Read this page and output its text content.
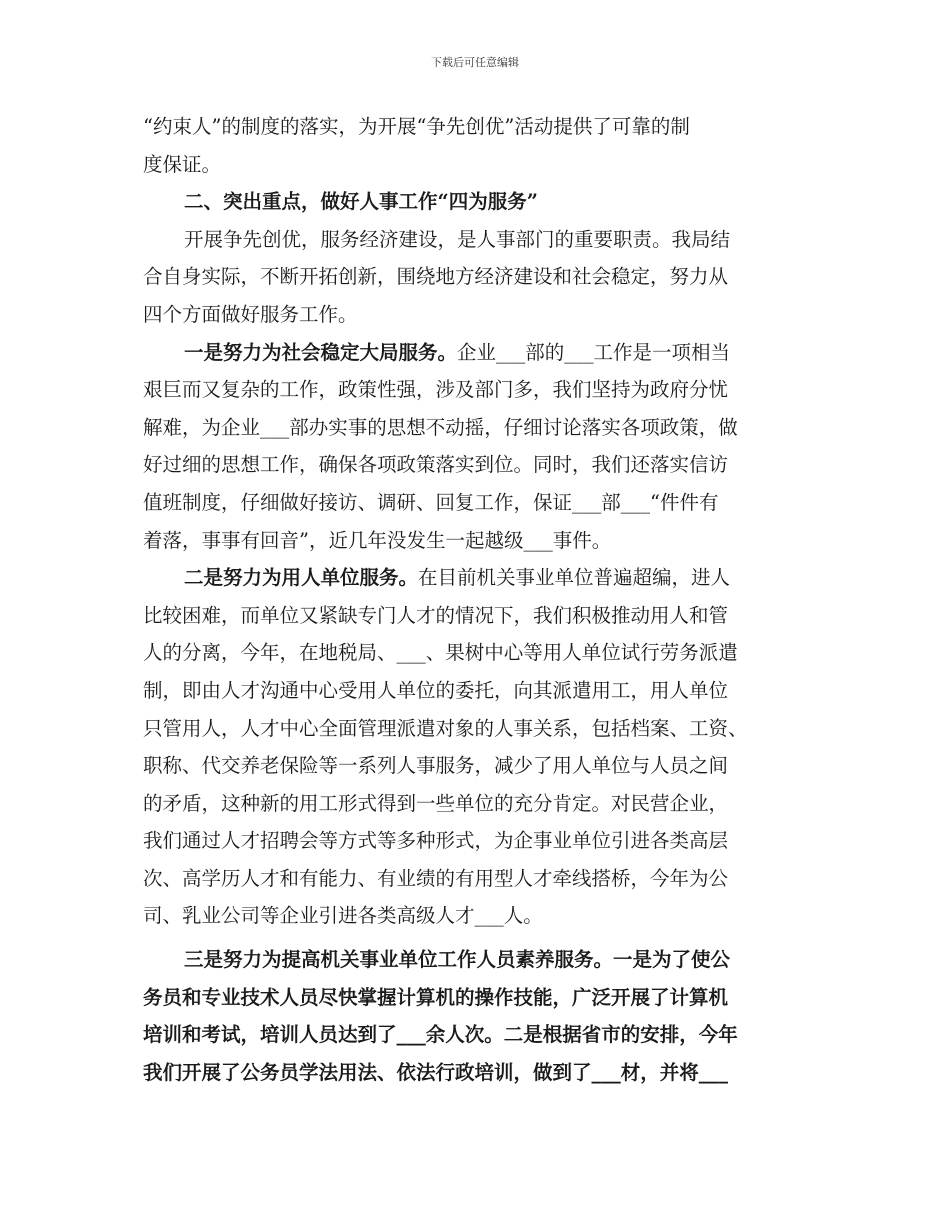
下载后可任意编辑
“约束人”的制度的落实，为开展“争先创优”活动提供了可靠的制
度保证。
二、突出重点，做好人事工作“四为服务”
开展争先创优，服务经济建设，是人事部门的重要职责。我局结
合自身实际，不断开拓创新，围绕地方经济建设和社会稳定，努力从
四个方面做好服务工作。
一是努力为社会稳定大局服务。企业___部的___工作是一项相当
艰巨而又复杂的工作，政策性强，涉及部门多，我们坚持为政府分忧
解难，为企业___部办实事的思想不动摇，仔细讨论落实各项政策，做
好过细的思想工作，确保各项政策落实到位。同时，我们还落实信访
值班制度，仔细做好接访、调研、回复工作，保证___部___“件件有
着落，事事有回音”，近几年没发生一起越级___事件。
二是努力为用人单位服务。在目前机关事业单位普遍超编，进人
比较困难，而单位又紧缺专门人才的情况下，我们积极推动用人和管
人的分离，今年，在地税局、___、果树中心等用人单位试行劳务派遣
制，即由人才沟通中心受用人单位的委托，向其派遣用工，用人单位
只管用人，人才中心全面管理派遣对象的人事关系，包括档案、工资、
职称、代交养老保险等一系列人事服务，减少了用人单位与人员之间
的矛盾，这种新的用工形式得到一些单位的充分肯定。对民营企业，
我们通过人才招聘会等方式等多种形式，为企事业单位引进各类高层
次、高学历人才和有能力、有业绩的有用型人才牵线搭桥，今年为公
司、乳业公司等企业引进各类高级人才___人。
三是努力为提高机关事业单位工作人员素养服务。一是为了使公
务员和专业技术人员尽快掌握计算机的操作技能，广泛开展了计算机
培训和考试，培训人员达到了___余人次。二是根据省市的安排，今年
我们开展了公务员学法用法、依法行政培训，做到了___材，并将___
